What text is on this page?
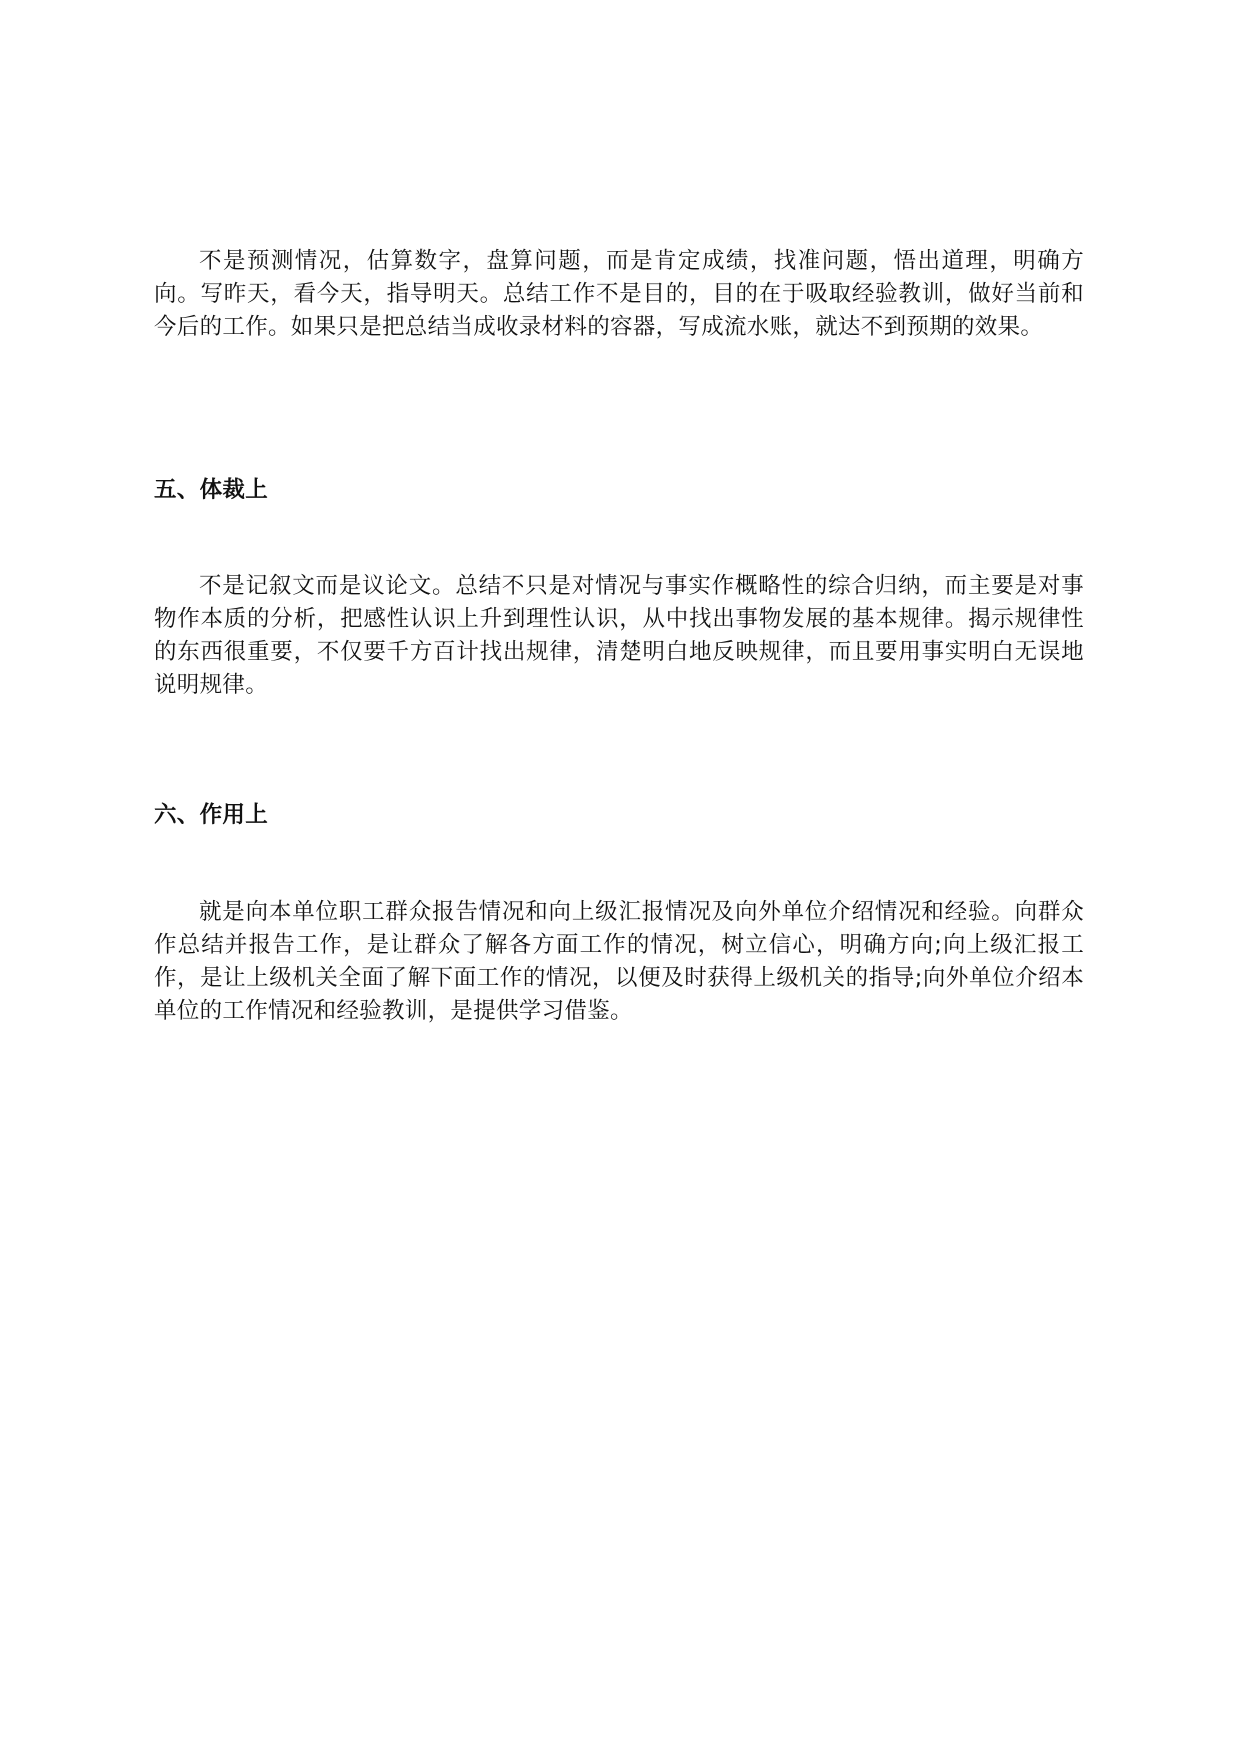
不是预测情况，估算数字，盘算问题，而是肯定成绩，找准问题，悟出道理，明确方向。写昨天，看今天，指导明天。总结工作不是目的，目的在于吸取经验教训，做好当前和今后的工作。如果只是把总结当成收录材料的容器，写成流水账，就达不到预期的效果。

五、体裁上

不是记叙文而是议论文。总结不只是对情况与事实作概略性的综合归纳，而主要是对事物作本质的分析，把感性认识上升到理性认识，从中找出事物发展的基本规律。揭示规律性的东西很重要，不仅要千方百计找出规律，清楚明白地反映规律，而且要用事实明白无误地说明规律。

六、作用上

就是向本单位职工群众报告情况和向上级汇报情况及向外单位介绍情况和经验。向群众作总结并报告工作，是让群众了解各方面工作的情况，树立信心，明确方向;向上级汇报工作，是让上级机关全面了解下面工作的情况，以便及时获得上级机关的指导;向外单位介绍本单位的工作情况和经验教训，是提供学习借鉴。
